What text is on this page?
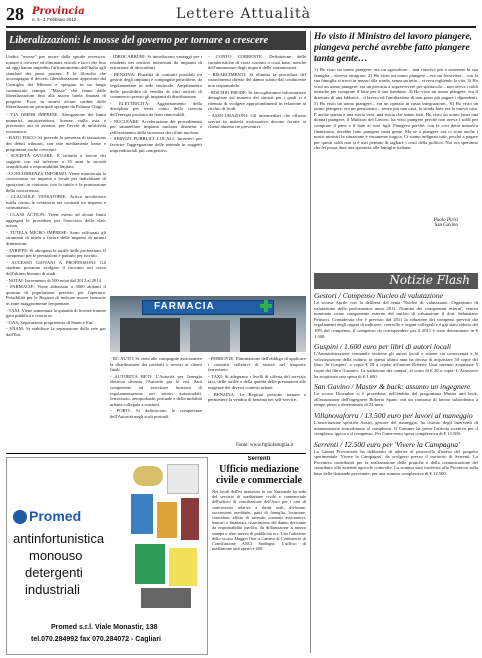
28 Provincia
n. 3 - 1 Febbraio 2012	Lettere Attualità
Liberalizzazioni: le mosse del governo per tornare a crescere

Undici "mosse" per uscire dalla spirale recessiva, tornare a crescere ed eliminare vincoli e lacci che fino ad oggi hanno impedito l'affrancamento dell'Italia agli standard dei paesi partner. E la filosofia che accompagna il decreto liberalizzazioni approvato dal Consiglio dei Ministri e spiegato in un lungo comunicato stampa. "Mosse" che fanno dalle liberalizzazioni fino alla nuova tutela finanza di progetto. Ecco in sintesi alcuni cardini delle liberalizzazioni principali spiegate da Palazzo Chigi:

- VIA OMERI IMPRESE: Abrogazione dei limiti numerici, autorizzazioni, licenze, nulla osta e preventivi atti di assenso, per l'avvio di un'attività economica.

- RATU FISCO: Si prevede la presenza di tassazione dei debiti tributari, con rate mediamente basse e programmi anche crescenti.

- SOCIETÀ OVOARE: È istituita a favore dei soggetti con età inferiore a 35 anni la società semplificata a responsabilità limitata.

- CONCORRENZA INFORMO: Viene monitorata la concorrenza tra imprese e locale per individuare di sposizioni in contrasto con la tutela e la promozione della concorrenza.

- CLAUSOLE VESSATORIE: Arriva un'ulteriore tutela contro le vessatorie nei contratti tra imprese e consumatori.

- CLASS ACTION: Viene esteso ad alcuni limiti aggregati le procedure per l'esercizio della class action.

- TUTELA MICRO IMPRESE: Sono rafforzati gli strumenti di tutela a favore delle imprese di minori dimensioni.

- TARIFFE: Si abrogano le tariffe delle professioni. Il compenso per le prestazioni è pattuito per iscritto.

- ACCESSO GIOVANI A PROFESSIONI: Gli studenti potranno svolgere il tirocinio nel corso dell'ultimo biennio di studi.

- NOTAI: Incremento di 500 notai dal 2012 al 2014.

- FARMACIE: Viene abbassato a 3000 abitanti il quorum di popolazione previsto per l'apertura. Possibilità per le Regioni di indicare nuove farmacie in zone maggiormente frequentate.

- TAXI: Viene aumentata la quantità di licenze tramite gara pubblica e concorso.

- GAS: Separazione proprietaria di Snam e Eni.

- SNAM: Si stabilisce la separazione della rete gas dall'Eni.

FARMACIA

- IDROCARBURI: Si introducono vantaggi per i residenti nei territori interessati da impianti di estrazione di idrocarburi.

- BENZINA: Pluralità di contratti possibili tra gestori degli impianti e compagnie petrolifere, da regolamentare in sede sindacale. Ampliamento delle possibilità di vendita di altri articoli di commercio presso gli impianti di distribuzione.

- ELETTRICITÀ: Aggiornamento della disciplina per tener conto della crescita dell'energia prodotta da fonti rinnovabili.

- NUCLEARE: Accelerazione dei procedimenti per smantellare impianti nucleari dismessi e rafforzamento della sicurezza dei rifiuti nucleari.

- SERVIZI PUBBLICI LOCALI: Incentivi per favorire l'aggregazione delle aziende in soggetti imprenditoriali più competitivi.

- CONTO CORRENTE: Definizione delle caratteristiche di conti correnti a costi base, nonché dell'ammontare degli importi delle commissioni.

- RISARCIMENTI: Si elimina la procedura del risarcimento diretto del danno subito dal conducente non responsabile.

- RISCHIO FRODE: Si raccoglieranno informazioni dettagliate sul numero dei sinistri per i quali si è ritenuto di svolgere approfondimenti in relazione al rischio di frodi.

- ASSICURAZIONI: Gli intermediari che offrono servizi in materia assicurativa devono fornire ai clienti almeno tre preventivi.

- RC AUTO: Si vieta alle compagnie assicurative la distribuzione dei prodotti o servizi ai clienti finali.

- AUTORITÀ RETI: L'Autorità per l'energia elettrica diventa l'Autorità per le reti. Sarà competente ad esercitare funzioni di regolamentazione nei settori autostradali, ferroviario, aeroportuale, portuale e della mobilità urbana collegata a stazioni.

- PORTI: Si definiscono le competenze dell'Autorità negli scali portuali.

- FERROVIE: Eliminazione dell'obbligo di applicare i contratti collettivi di settore nel trasporto ferroviario.

- TAXI: Si adeguano i livelli di offerta del servizio taxi, delle tariffe e della qualità delle prestazioni alle esigenze dei diversi contesti urbani.

- BENZINA: Le Regioni possono tornare a permettere la vendita di benzina nei self-service.

Fonte: www.figliofamiglia.it
Promed
antinfortunistica
monouso
detergenti
industriali
Promed s.r.l. Viale Monastir, 138
tel.070.284992 fax 070.284072 - Cagliari
Serrenti
Ufficio mediazione civile e commerciale

Nei locali dell'ex mattatoio in via Nazionale ha sede del servizio di mediazione civile e commerciale dell'ufficio di conciliazione dell'Anci per i casi di controversie relative a diritti reali, divisione, successioni ereditarie, patti di famiglia, locazione, comodato, affitto di aziende, contratti assicurativi, bancari e finanziari, risarcimento del danno derivante da responsabilità medica, da diffamazione a mezzo stampa o altro mezzo di pubblicità ecc. Una l'adesione dello scorso Maggio l'iter a Camera di Commercio di Conciliazione ANCI Sardegna. L'ufficio di mediazione sarà aperto e 600.

Ho visto il Ministro del lavoro piangere, piangeva perché avrebbe fatto piangere tanta gente…

1) Ho visto un uomo piangere, era un agricoltore... non riusciva più a sostenere la sua famiglia... doveva emigrare. 2) Ho visto un uomo piangere... era un ferroviere... con la sua famiglia si trovò in mezzo alla strada, senza un tetto... viveva togliendo la vita. 3) Ho visto un uomo piangere: era un precario a sopravvivere per spettacolo... non aveva i soldi neanche per comprare il latte per il suo bambino. 4) Ho visto un uomo piangere, era il direttore di una fabbrica... il lavoro ed l'umiliazione di non poter più pagare i dipendenti. 5) Ho visto un uomo piangere... era un operaio in cassa integrazione... 6) Ho visto un uomo piangere, era un pensionato... senza più una casa, la strada buia era la nuova casa. E anche questa è una storia vera, una storia che sanno tutti. Ho visto un uomo (anzi una donna) piangere, il Ministro del Lavoro; ha visto piangere perché non aveva i soldi per comprare il pane e il latte ai suoi figli. Piangeva perché, con la così detta manovra finanziaria, avrebbe fatto piangere tanta gente. Ma se a piangere ora ci sono anche i nostri ministri la situazione è veramente tragica. Ci siamo indignati tutti, perché a pagare per questi soldi non si è mai pensato di tagliare i costi della politica. Noi ora speriamo che lei possa dare una speranza alle famiglie italiane.

Paolo Pirisi
San Gavino
Notizie Flash
Gestori / Compenso Nucleo di valutazione

La scorsa Aprile con la delibera del tema 'Nucleo di valutazione. Organismo di valutazione delle performance anno 2011. Nomina dei componenti esterni', veniva nominato come componente esterno del nucleo di valutazione il dott. Sebastiano Petrucci. Considerata che è previsto dal 2011 la riduzione dei compensi previsti dai regolamenti degli organi di indirizzo, controllo e organi collegiali e è già stato ridotto del 10% del compenso, il compenso da corrispondere per il 2011 è stato determinato in € 1.300.

Guspini / 1.600 euro per libri di autori locali

L'Amministrazione comunale sostiene gli autori locali e ritiene sia conoscenza e la valorizzazione della cultura; in questi ultimi anni ha deciso di acquistare 50 copie del libro 'In Guspini', a copia € 20 a copia; all'autore Roberto Usai saranno acquistate 5 copie del libro 'Lunario. La tradizione dei camini', al costo di € 20 a copia. L'Assessore ha acquistato una spesa di € 1.600.

San Gavino / Master & back: assunto un ingegnere

Lo scorso Dicembre si è proceduto, nell'ambito del programma Master and back, all'assunzione dell'ingegnere Roberto Spano con un contratto di lavoro subordinato a tempo pieno e determinato di 24 mesi.

Villanovaforru / 13.500 euro per lavori al maneggio

L'associazione sportiva Ansiri, gestore del maneggio, ha chiesto degli interventi di manutenzione straordinaria al complesso. Il Comune ha preso l'attività ricettiva per il complesso ippico e il compenso. Per l'intervento spesa complessiva di € 13.500.

Serrenti / 12.500 euro per 'Vivere la Campagna'

La Giunta Provinciale ha deliberato di aderire al protocollo d'intesa del progetto sperimentale 'Vivere la Campagna', da svolgersi presso il territorio di Serrenti. La Provincia contribuirà per la realizzazione delle pratiche e della comunicazione del contributo alle aziende agricole coinvolte. La somma sarà trasferita alla Provincia sulla base delle domande pervenute, per una somma complessiva di € 12.500.
